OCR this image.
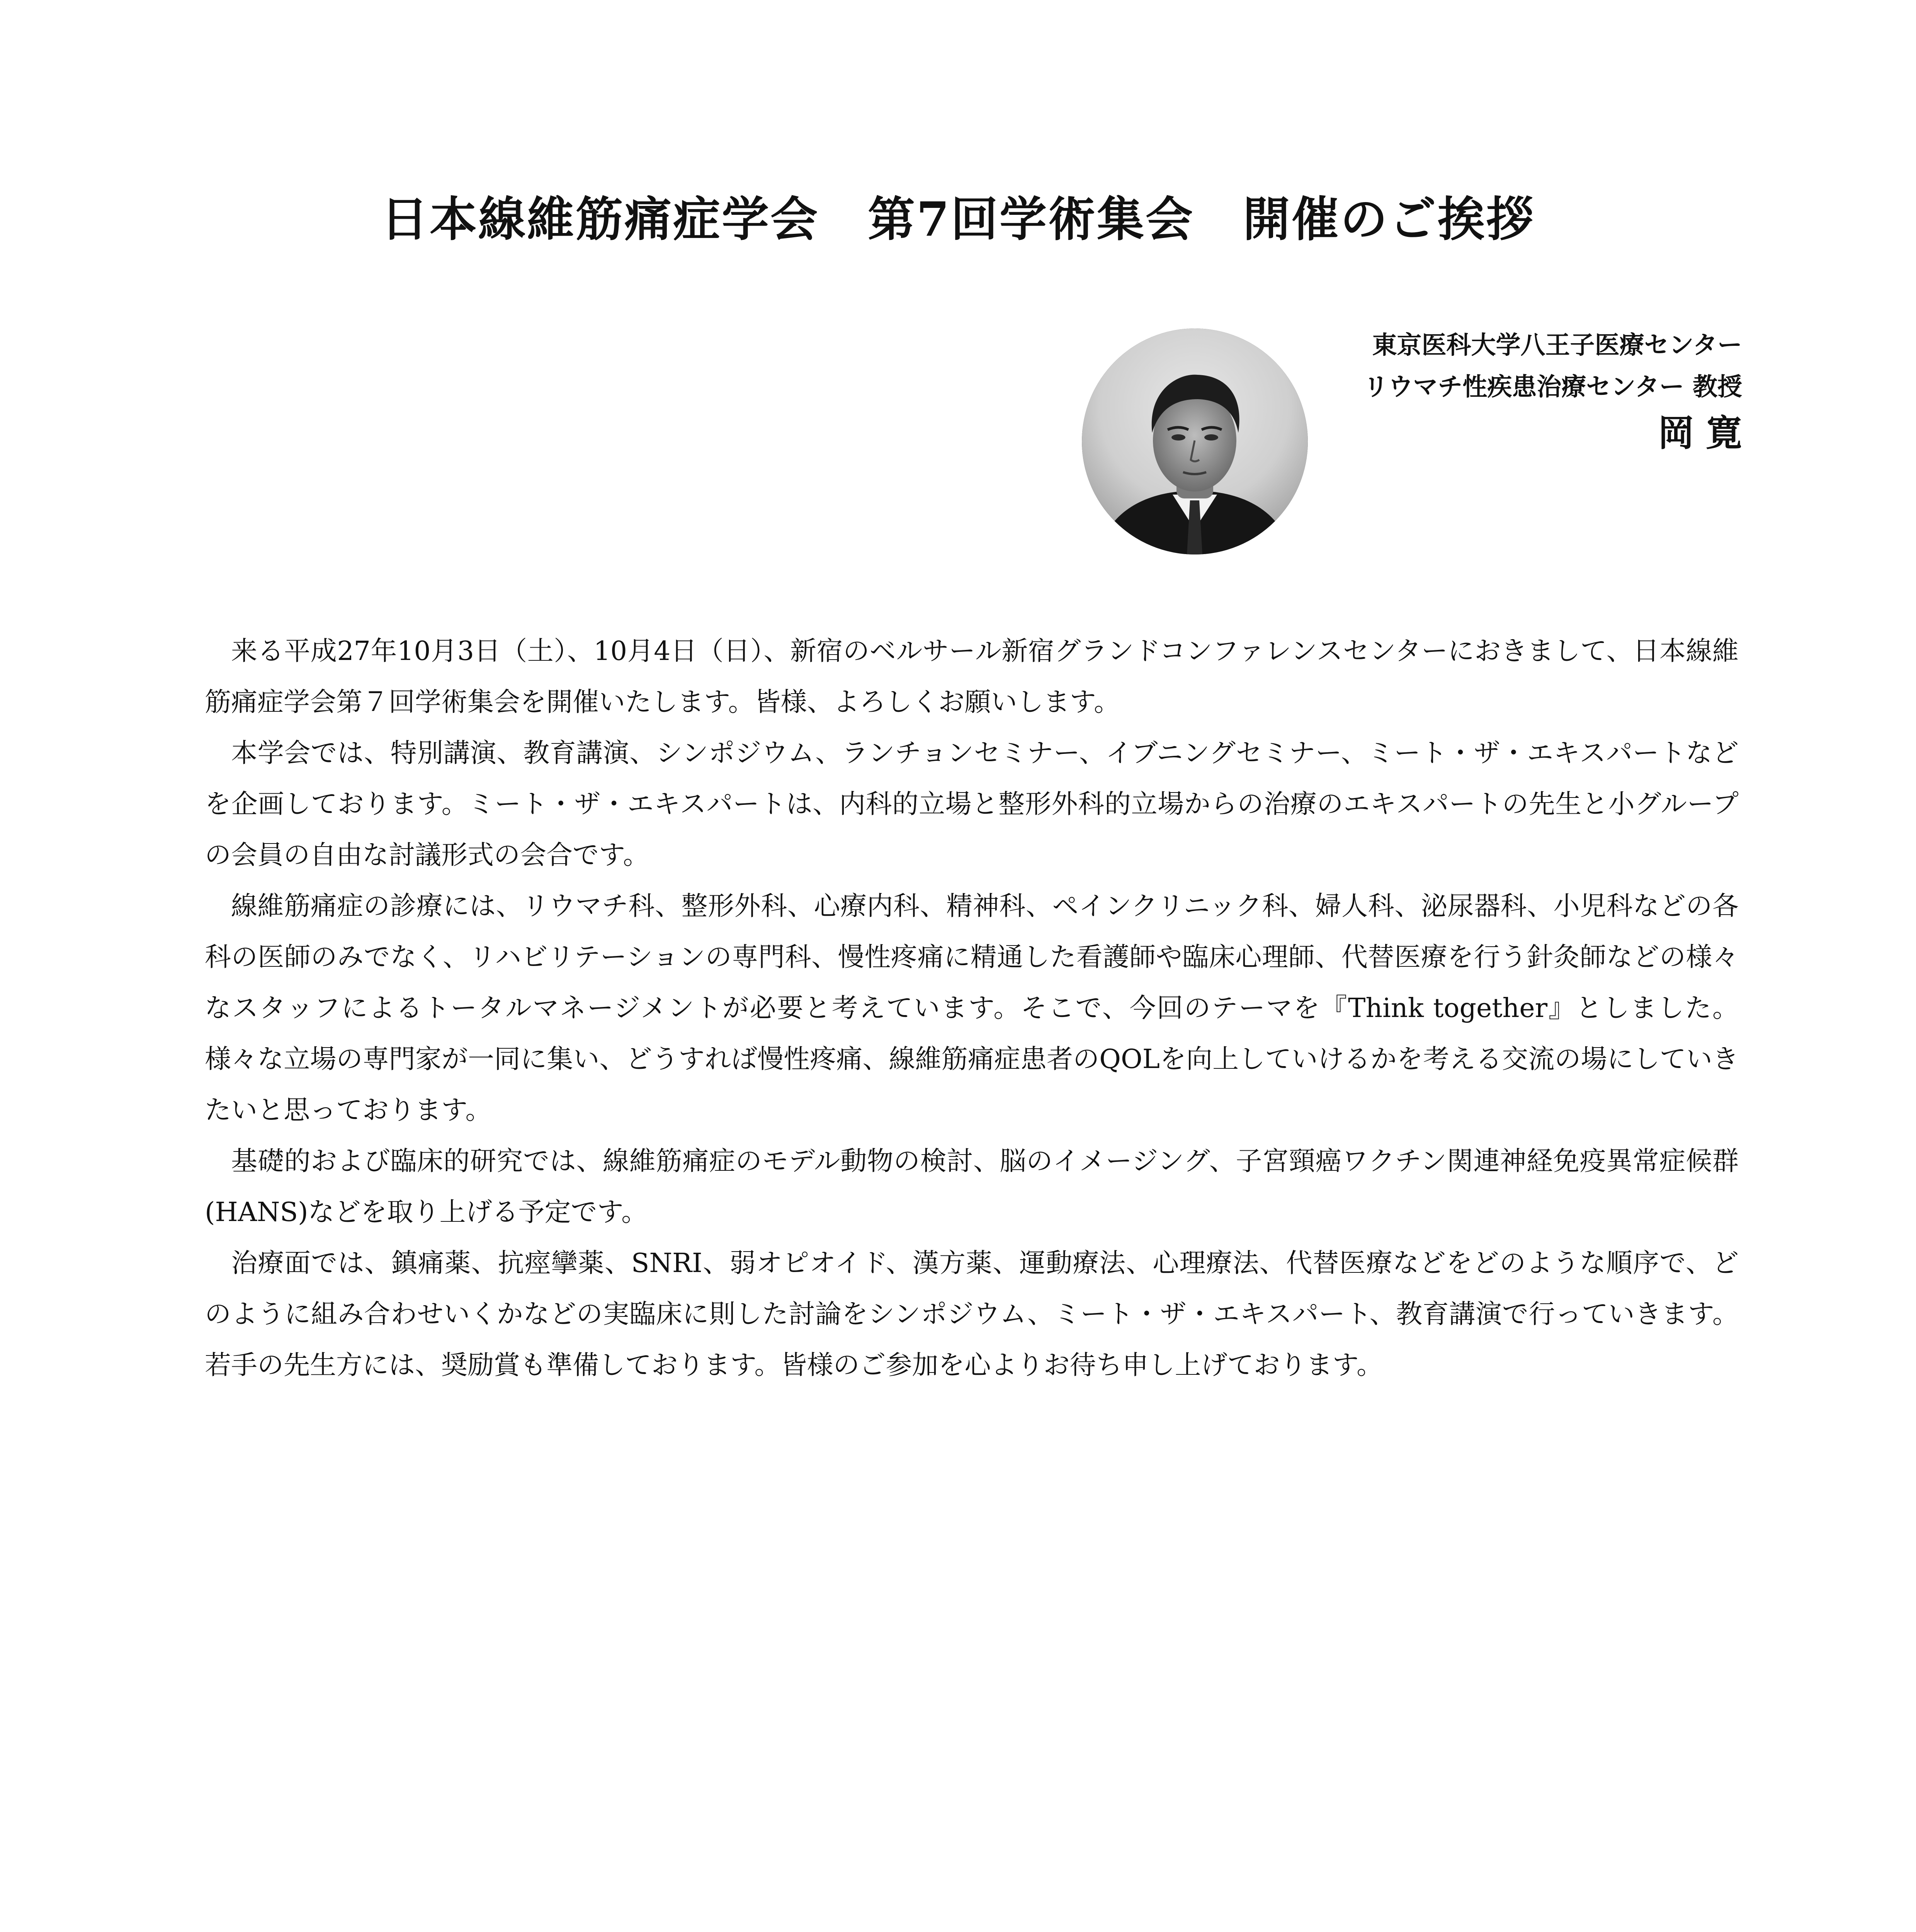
日本線維筋痛症学会　第7回学術集会　開催のご挨拶
東京医科大学八王子医療センター
リウマチ性疾患治療センター 教授
岡寛

来る平成27年10月3日（土）、10月4日（日）、新宿のベルサール新宿グランドコンファレンスセンターにおきまして、日本線維筋痛症学会第７回学術集会を開催いたします。皆様、よろしくお願いします。

本学会では、特別講演、教育講演、シンポジウム、ランチョンセミナー、イブニングセミナー、ミート・ザ・エキスパートなどを企画しております。ミート・ザ・エキスパートは、内科的立場と整形外科的立場からの治療のエキスパートの先生と小グループの会員の自由な討議形式の会合です。

線維筋痛症の診療には、リウマチ科、整形外科、心療内科、精神科、ペインクリニック科、婦人科、泌尿器科、小児科などの各科の医師のみでなく、リハビリテーションの専門科、慢性疼痛に精通した看護師や臨床心理師、代替医療を行う針灸師などの様々なスタッフによるトータルマネージメントが必要と考えています。そこで、今回のテーマを『Think together』としました。様々な立場の専門家が一同に集い、どうすれば慢性疼痛、線維筋痛症患者のQOLを向上していけるかを考える交流の場にしていきたいと思っております。

基礎的および臨床的研究では、線維筋痛症のモデル動物の検討、脳のイメージング、子宮頸癌ワクチン関連神経免疫異常症候群(HANS)などを取り上げる予定です。

治療面では、鎮痛薬、抗痙攣薬、SNRI、弱オピオイド、漢方薬、運動療法、心理療法、代替医療などをどのような順序で、どのように組み合わせいくかなどの実臨床に則した討論をシンポジウム、ミート・ザ・エキスパート、教育講演で行っていきます。若手の先生方には、奨励賞も準備しております。皆様のご参加を心よりお待ち申し上げております。
